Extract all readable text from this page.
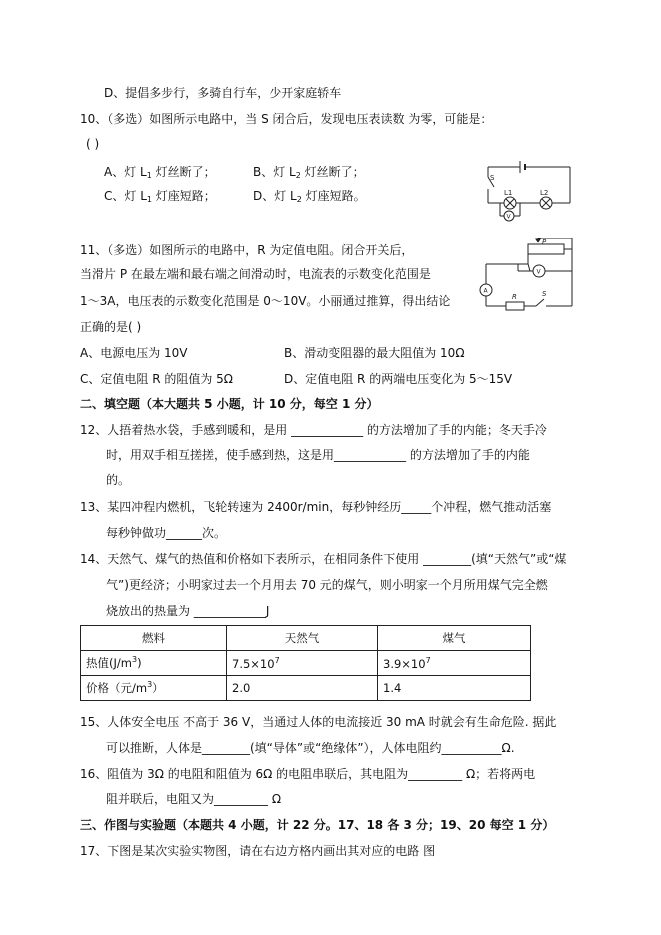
D、提倡多步行，多骑自行车，少开家庭轿车
10、（多选）如图所示电路中，当 S 闭合后，发现电压表读数 为零，可能是：
( )
A、灯 $L_1$ 灯丝断了；	B、灯 $L_2$ 灯丝断了；
C、灯 $L_1$ 灯座短路；	D、灯 $L_2$ 灯座短路。
S
L1	L2
V
11、（多选）如图所示的电路中，R 为定值电阻。闭合开关后，
当滑片 P 在最左端和最右端之间滑动时，电流表的示数变化范围是
1～3A，电压表的示数变化范围是 0～10V。小丽通过推算，得出结论
正确的是( )
A、电源电压为 10V	B、滑动变阻器的最大阻值为 10Ω
C、定值电阻 R 的阻值为 5Ω	D、定值电阻 R 的两端电压变化为 5～15V
P
V
A
R	S
二、填空题（本大题共 5 小题，计 10 分，每空 1 分）
12、人捂着热水袋，手感到暖和，是用 ____________ 的方法增加了手的内能；冬天手冷
时，用双手相互搓搓，使手感到热，这是用____________ 的方法增加了手的内能
的。
13、某四冲程内燃机，飞轮转速为 2400r/min，每秒钟经历_____个冲程，燃气推动活塞
每秒钟做功______次。
14、天然气、煤气的热值和价格如下表所示，在相同条件下使用 ________(填“天然气”或“煤
气”)更经济；小明家过去一个月用去 70 元的煤气，则小明家一个月所用煤气完全燃
烧放出的热量为 ____________J
燃料	天然气	煤气
热值$(J/m^3)$	$7.5\times 10^7$	$3.9\times 10^7$
价格（元$/m^3$）	2.0	1.4
15、人体安全电压 不高于 36 V，当通过人体的电流接近 30 mA 时就会有生命危险. 据此
可以推断，人体是________(填“导体”或“绝缘体”），人体电阻约__________Ω.
16、阻值为 3Ω 的电阻和阻值为 6Ω 的电阻串联后，其电阻为_________ Ω；若将两电
阻并联后，电阻又为_________ Ω
三、作图与实验题（本题共 4 小题，计 22 分。17、18 各 3 分；19、20 每空 1 分）
17、下图是某次实验实物图，请在右边方格内画出其对应的电路 图
